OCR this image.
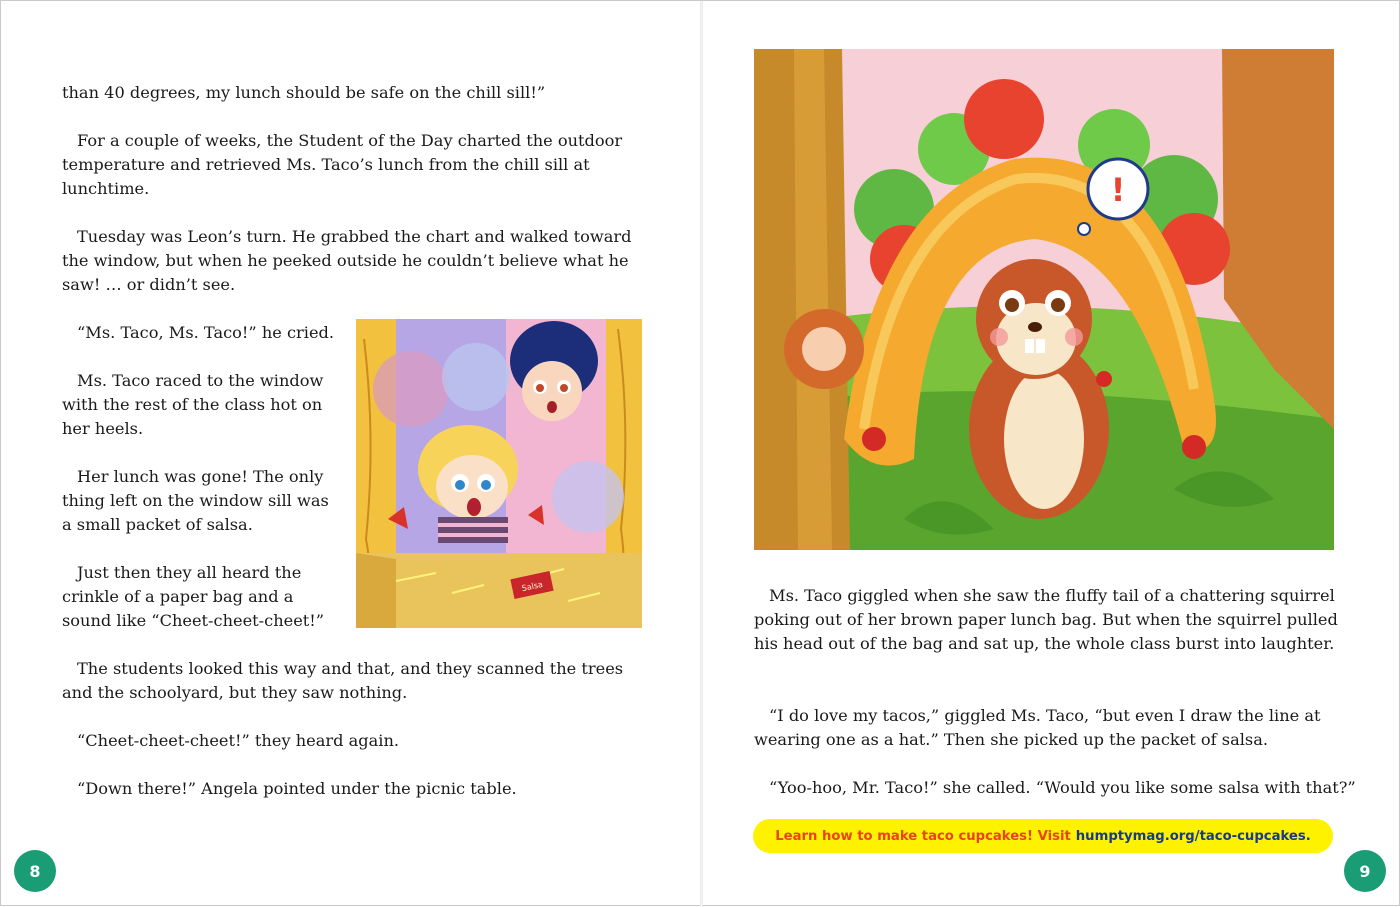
than 40 degrees, my lunch should be safe on the chill sill!”

For a couple of weeks, the Student of the Day charted the outdoor temperature and retrieved Ms. Taco’s lunch from the chill sill at lunchtime.

Tuesday was Leon’s turn. He grabbed the chart and walked toward the window, but when he peeked outside he couldn’t believe what he saw! … or didn’t see.

“Ms. Taco, Ms. Taco!” he cried.

Ms. Taco raced to the window with the rest of the class hot on her heels.

Her lunch was gone! The only thing left on the window sill was a small packet of salsa.

Just then they all heard the crinkle of a paper bag and a sound like “Cheet-cheet-cheet!”

The students looked this way and that, and they scanned the trees and the schoolyard, but they saw nothing.

“Cheet-cheet-cheet!” they heard again.

“Down there!” Angela pointed under the picnic table.

Salsa
8
!

Ms. Taco giggled when she saw the fluffy tail of a chattering squirrel poking out of her brown paper lunch bag. But when the squirrel pulled his head out of the bag and sat up, the whole class burst into laughter.

“I do love my tacos,” giggled Ms. Taco, “but even I draw the line at wearing one as a hat.” Then she picked up the packet of salsa.

“Yoo-hoo, Mr. Taco!” she called. “Would you like some salsa with that?”

9
Learn how to make taco cupcakes! Visit humptymag.org/taco-cupcakes.
